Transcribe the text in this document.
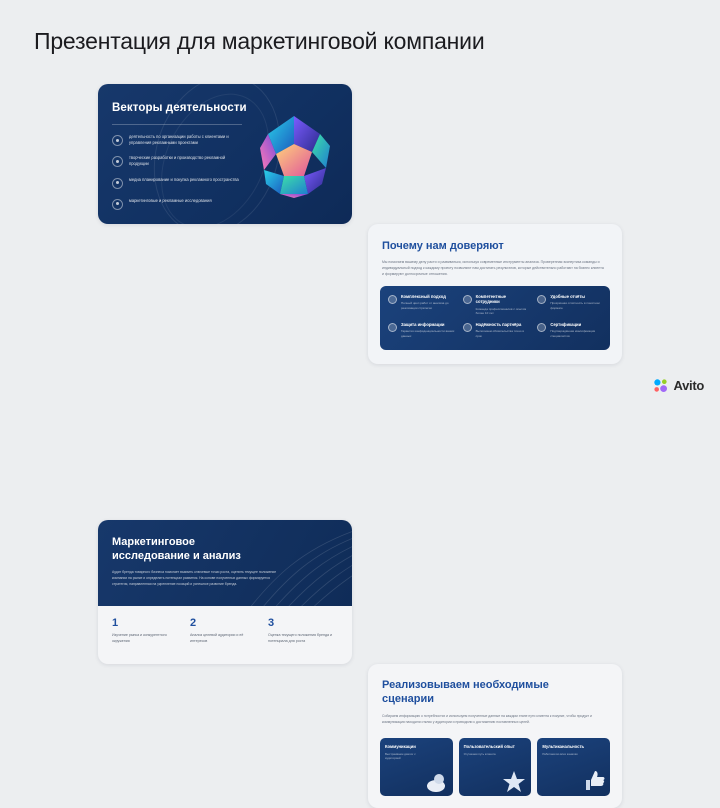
Презентация для маркетинговой компании
Векторы деятельности
деятельность по организации работы с клиентами и управления рекламными проектами
творческие разработки и производство рекламной продукции
медиа планирование и покупка рекламного пространства
маркетинговые и рекламные исследования
Почему нам доверяют
Мы помогаем вашему делу расти и развиваться, используя современные инструменты анализа. Проверенная экспертиза команды и индивидуальный подход к каждому проекту позволяют нам достигать результатов, которые действительно работают на бизнес клиента и формируют долгосрочные отношения.
Комплексный подход
Полный цикл работ от анализа до реализации стратегии
Компетентные сотрудники
Команда профессионалов с опытом более 10 лет
Удобные отчёты
Прозрачная отчётность в понятном формате
Защита информации
Гарантия конфиденциальности ваших данных
Надёжность партнёра
Выполняем обязательства точно в срок
Сертификации
Подтверждённая квалификация специалистов
Маркетинговое исследование и анализ
Аудит бренда товарного бизнеса помогает выявить ключевые точки роста, оценить текущее положение компании на рынке и определить потенциал развития. На основе полученных данных формируется стратегия, направленная на укрепление позиций и успешное развитие бренда.
1
Изучение рынка и конкурентного окружения
2
Анализ целевой аудитории и её интересов
3
Оценка текущего положения бренда и потенциала для роста
Реализовываем необходимые сценарии
Собираем информацию о потребностях и используем полученные данные на каждом этапе пути клиента к покупке, чтобы продукт и коммуникация находили отклик у аудитории и приводили к достижению поставленных целей.
Коммуникации
Выстраиваем диалог с аудиторией
Пользовательский опыт
Улучшаем путь клиента
Мультиканальность
Работаем во всех каналах
Avito
